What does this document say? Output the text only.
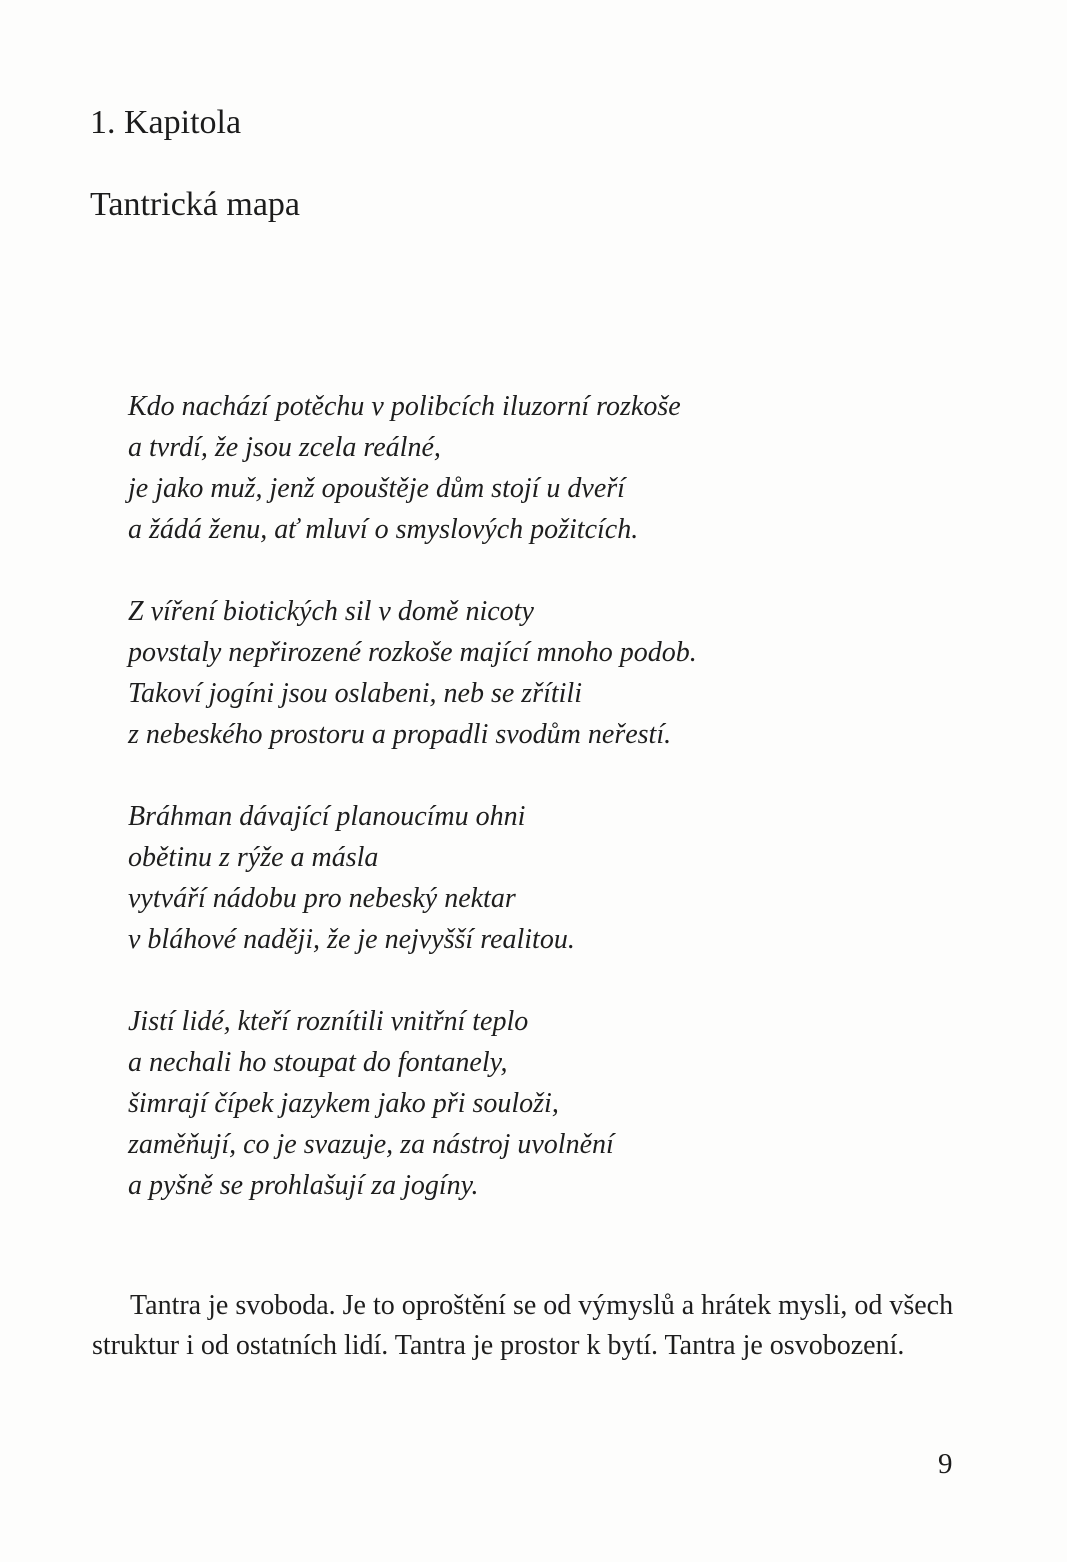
1. Kapitola
Tantrická mapa
Kdo nachází potěchu v polibcích iluzorní rozkoše
a tvrdí, že jsou zcela reálné,
je jako muž, jenž opouštěje dům stojí u dveří
a žádá ženu, ať mluví o smyslových požitcích.
Z víření biotických sil v domě nicoty
povstaly nepřirozené rozkoše mající mnoho podob.
Takoví jogíni jsou oslabeni, neb se zřítili
z nebeského prostoru a propadli svodům neřestí.
Bráhman dávající planoucímu ohni
obětinu z rýže a másla
vytváří nádobu pro nebeský nektar
v bláhové naději, že je nejvyšší realitou.
Jistí lidé, kteří roznítili vnitřní teplo
a nechali ho stoupat do fontanely,
šimrají čípek jazykem jako při souloži,
zaměňují, co je svazuje, za nástroj uvolnění
a pyšně se prohlašují za jogíny.

Tantra je svoboda. Je to oproštění se od výmyslů a hrátek mysli, od všech struktur i od ostatních lidí. Tantra je prostor k bytí. Tantra je osvobození.

9
